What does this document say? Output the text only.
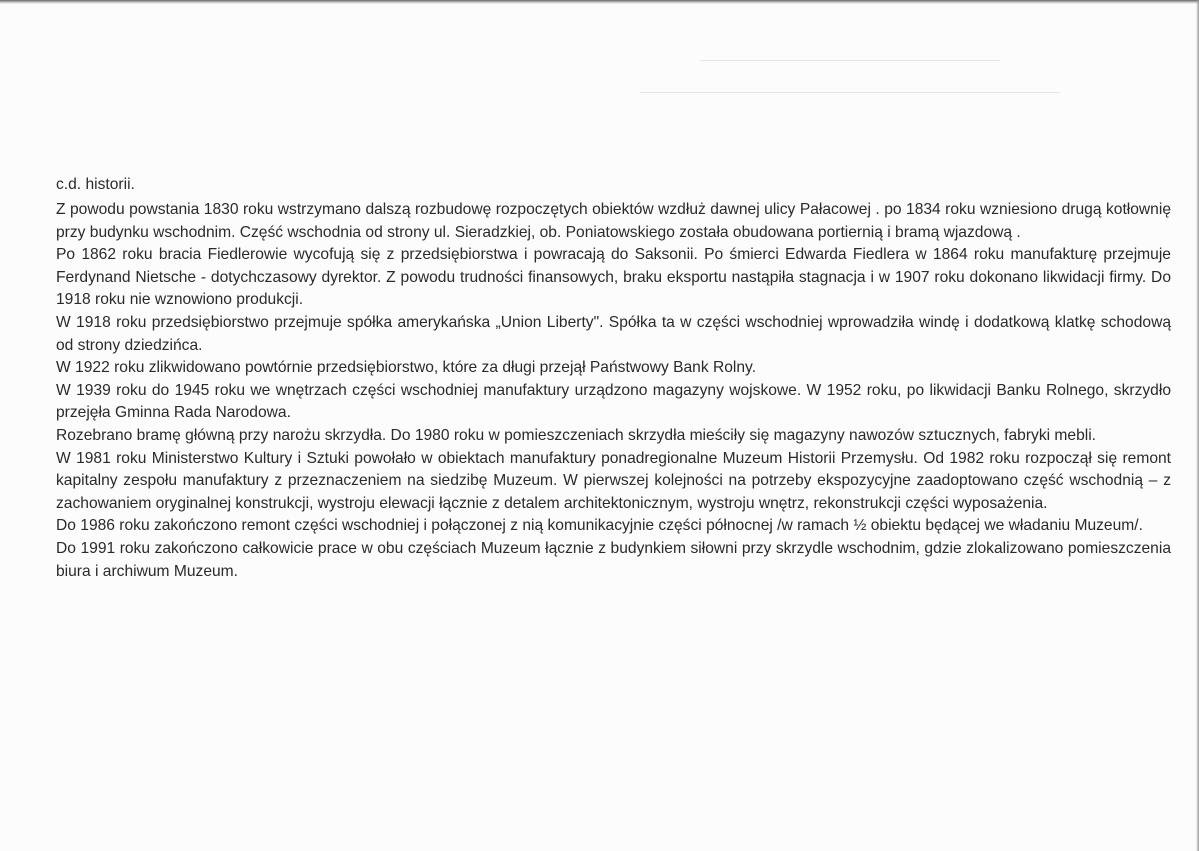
c.d. historii.

Z powodu powstania 1830 roku wstrzymano dalszą rozbudowę rozpoczętych obiektów wzdłuż dawnej ulicy Pałacowej . po 1834 roku wzniesiono drugą kotłownię przy budynku wschodnim. Część wschodnia od strony ul. Sieradzkiej, ob. Poniatowskiego została obudowana portiernią i bramą wjazdową .

Po 1862 roku bracia Fiedlerowie wycofują się z przedsiębiorstwa i powracają do Saksonii. Po śmierci Edwarda Fiedlera w 1864 roku manufakturę przejmuje Ferdynand Nietsche - dotychczasowy dyrektor. Z powodu trudności finansowych, braku eksportu nastąpiła stagnacja i w 1907 roku dokonano likwidacji firmy. Do 1918 roku nie wznowiono produkcji.

W 1918 roku przedsiębiorstwo przejmuje spółka amerykańska „Union Liberty". Spółka ta w części wschodniej wprowadziła windę i dodatkową klatkę schodową od strony dziedzińca.

W 1922 roku zlikwidowano powtórnie przedsiębiorstwo, które za długi przejął Państwowy Bank Rolny.

W 1939 roku do 1945 roku we wnętrzach części wschodniej manufaktury urządzono magazyny wojskowe. W 1952 roku, po likwidacji Banku Rolnego, skrzydło przejęła Gminna Rada Narodowa.

Rozebrano bramę główną przy narożu skrzydła. Do 1980 roku w pomieszczeniach skrzydła mieściły się magazyny nawozów sztucznych, fabryki mebli.

W 1981 roku Ministerstwo Kultury i Sztuki powołało w obiektach manufaktury ponadregionalne Muzeum Historii Przemysłu. Od 1982 roku rozpoczął się remont kapitalny zespołu manufaktury z przeznaczeniem na siedzibę Muzeum. W pierwszej kolejności na potrzeby ekspozycyjne zaadoptowano część wschodnią – z zachowaniem oryginalnej konstrukcji, wystroju elewacji łącznie z detalem architektonicznym, wystroju wnętrz, rekonstrukcji części wyposażenia.

Do 1986 roku zakończono remont części wschodniej i połączonej z nią komunikacyjnie części północnej /w ramach ½ obiektu będącej we władaniu Muzeum/.

Do 1991 roku zakończono całkowicie prace w obu częściach Muzeum łącznie z budynkiem siłowni przy skrzydle wschodnim, gdzie zlokalizowano pomieszczenia biura i archiwum Muzeum.
